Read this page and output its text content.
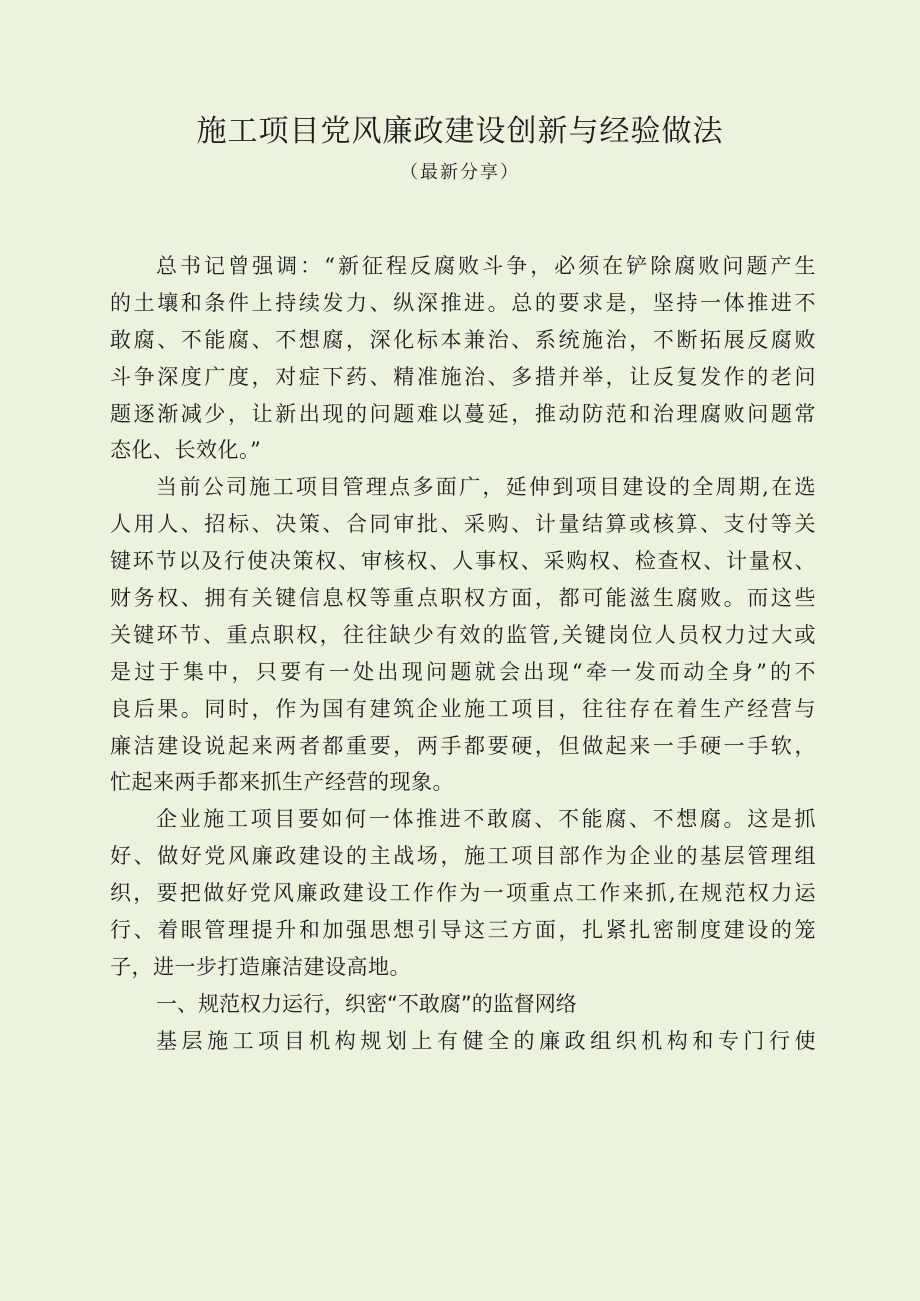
施工项目党风廉政建设创新与经验做法

（最新分享）

总书记曾强调：“新征程反腐败斗争，必须在铲除腐败问题产生
的土壤和条件上持续发力、纵深推进。总的要求是，坚持一体推进不
敢腐、不能腐、不想腐，深化标本兼治、系统施治，不断拓展反腐败
斗争深度广度，对症下药、精准施治、多措并举，让反复发作的老问
题逐渐减少，让新出现的问题难以蔓延，推动防范和治理腐败问题常
态化、长效化。”
当前公司施工项目管理点多面广，延伸到项目建设的全周期,在选
人用人、招标、决策、合同审批、采购、计量结算或核算、支付等关
键环节以及行使决策权、审核权、人事权、采购权、检查权、计量权、
财务权、拥有关键信息权等重点职权方面，都可能滋生腐败。而这些
关键环节、重点职权，往往缺少有效的监管,关键岗位人员权力过大或
是过于集中，只要有一处出现问题就会出现“牵一发而动全身”的不
良后果。同时，作为国有建筑企业施工项目，往往存在着生产经营与
廉洁建设说起来两者都重要，两手都要硬，但做起来一手硬一手软，
忙起来两手都来抓生产经营的现象。
企业施工项目要如何一体推进不敢腐、不能腐、不想腐。这是抓
好、做好党风廉政建设的主战场，施工项目部作为企业的基层管理组
织，要把做好党风廉政建设工作作为一项重点工作来抓,在规范权力运
行、着眼管理提升和加强思想引导这三方面，扎紧扎密制度建设的笼
子，进一步打造廉洁建设高地。
一、规范权力运行，织密“不敢腐”的监督网络
基层施工项目机构规划上有健全的廉政组织机构和专门行使
